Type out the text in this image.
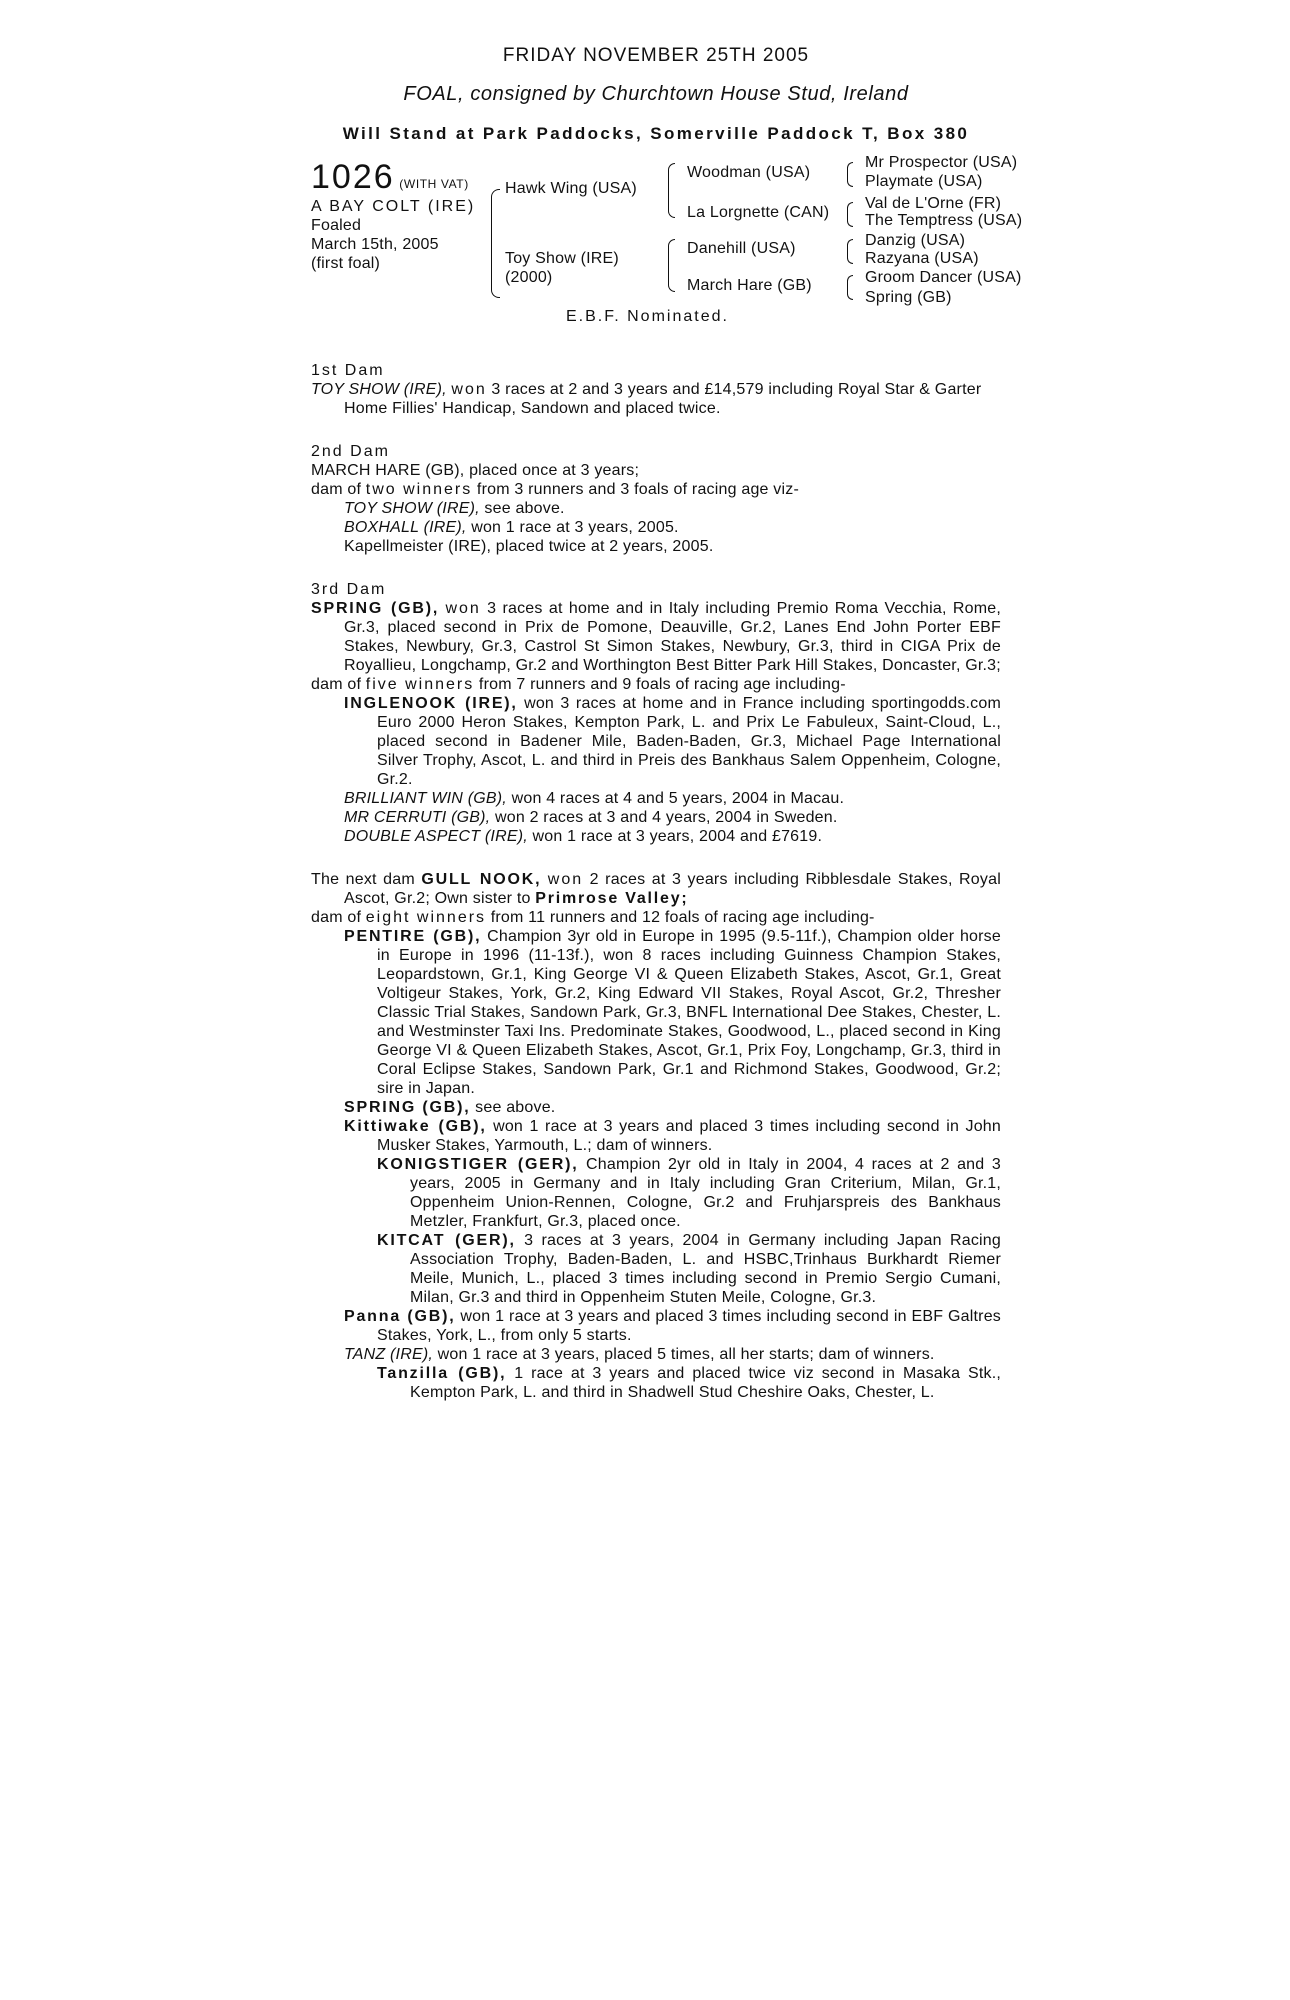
FRIDAY NOVEMBER 25TH 2005
FOAL, consigned by Churchtown House Stud, Ireland
Will Stand at Park Paddocks, Somerville Paddock T, Box 380
1026 (WITH VAT)
A BAY COLT (IRE)
Foaled
March 15th, 2005
(first foal)
Hawk Wing (USA)
Toy Show (IRE)
(2000)
Woodman (USA)
La Lorgnette (CAN)
Danehill (USA)
March Hare (GB)
Mr Prospector (USA)
Playmate (USA)
Val de L'Orne (FR)
The Temptress (USA)
Danzig (USA)
Razyana (USA)
Groom Dancer (USA)
Spring (GB)
E.B.F. Nominated.

1st Dam

TOY SHOW (IRE), won 3 races at 2 and 3 years and £14,579 including Royal Star & Garter Home Fillies' Handicap, Sandown and placed twice.

2nd Dam

MARCH HARE (GB), placed once at 3 years;

dam of two winners from 3 runners and 3 foals of racing age viz-

TOY SHOW (IRE), see above.

BOXHALL (IRE), won 1 race at 3 years, 2005.

Kapellmeister (IRE), placed twice at 2 years, 2005.

3rd Dam

SPRING (GB), won 3 races at home and in Italy including Premio Roma Vecchia, Rome, Gr.3, placed second in Prix de Pomone, Deauville, Gr.2, Lanes End John Porter EBF Stakes, Newbury, Gr.3, Castrol St Simon Stakes, Newbury, Gr.3, third in CIGA Prix de Royallieu, Longchamp, Gr.2 and Worthington Best Bitter Park Hill Stakes, Doncaster, Gr.3;

dam of five winners from 7 runners and 9 foals of racing age including-

INGLENOOK (IRE), won 3 races at home and in France including sportingodds.com Euro 2000 Heron Stakes, Kempton Park, L. and Prix Le Fabuleux, Saint-Cloud, L., placed second in Badener Mile, Baden-Baden, Gr.3, Michael Page International Silver Trophy, Ascot, L. and third in Preis des Bankhaus Salem Oppenheim, Cologne, Gr.2.

BRILLIANT WIN (GB), won 4 races at 4 and 5 years, 2004 in Macau.

MR CERRUTI (GB), won 2 races at 3 and 4 years, 2004 in Sweden.

DOUBLE ASPECT (IRE), won 1 race at 3 years, 2004 and £7619.

The next dam GULL NOOK, won 2 races at 3 years including Ribblesdale Stakes, Royal Ascot, Gr.2; Own sister to Primrose Valley;

dam of eight winners from 11 runners and 12 foals of racing age including-

PENTIRE (GB), Champion 3yr old in Europe in 1995 (9.5-11f.), Champion older horse in Europe in 1996 (11-13f.), won 8 races including Guinness Champion Stakes, Leopardstown, Gr.1, King George VI & Queen Elizabeth Stakes, Ascot, Gr.1, Great Voltigeur Stakes, York, Gr.2, King Edward VII Stakes, Royal Ascot, Gr.2, Thresher Classic Trial Stakes, Sandown Park, Gr.3, BNFL International Dee Stakes, Chester, L. and Westminster Taxi Ins. Predominate Stakes, Goodwood, L., placed second in King George VI & Queen Elizabeth Stakes, Ascot, Gr.1, Prix Foy, Longchamp, Gr.3, third in Coral Eclipse Stakes, Sandown Park, Gr.1 and Richmond Stakes, Goodwood, Gr.2; sire in Japan.

SPRING (GB), see above.

Kittiwake (GB), won 1 race at 3 years and placed 3 times including second in John Musker Stakes, Yarmouth, L.; dam of winners.

KONIGSTIGER (GER), Champion 2yr old in Italy in 2004, 4 races at 2 and 3 years, 2005 in Germany and in Italy including Gran Criterium, Milan, Gr.1, Oppenheim Union-Rennen, Cologne, Gr.2 and Fruhjarspreis des Bankhaus Metzler, Frankfurt, Gr.3, placed once.

KITCAT (GER), 3 races at 3 years, 2004 in Germany including Japan Racing Association Trophy, Baden-Baden, L. and HSBC,Trinhaus Burkhardt Riemer Meile, Munich, L., placed 3 times including second in Premio Sergio Cumani, Milan, Gr.3 and third in Oppenheim Stuten Meile, Cologne, Gr.3.

Panna (GB), won 1 race at 3 years and placed 3 times including second in EBF Galtres Stakes, York, L., from only 5 starts.

TANZ (IRE), won 1 race at 3 years, placed 5 times, all her starts; dam of winners.

Tanzilla (GB), 1 race at 3 years and placed twice viz second in Masaka Stk., Kempton Park, L. and third in Shadwell Stud Cheshire Oaks, Chester, L.
